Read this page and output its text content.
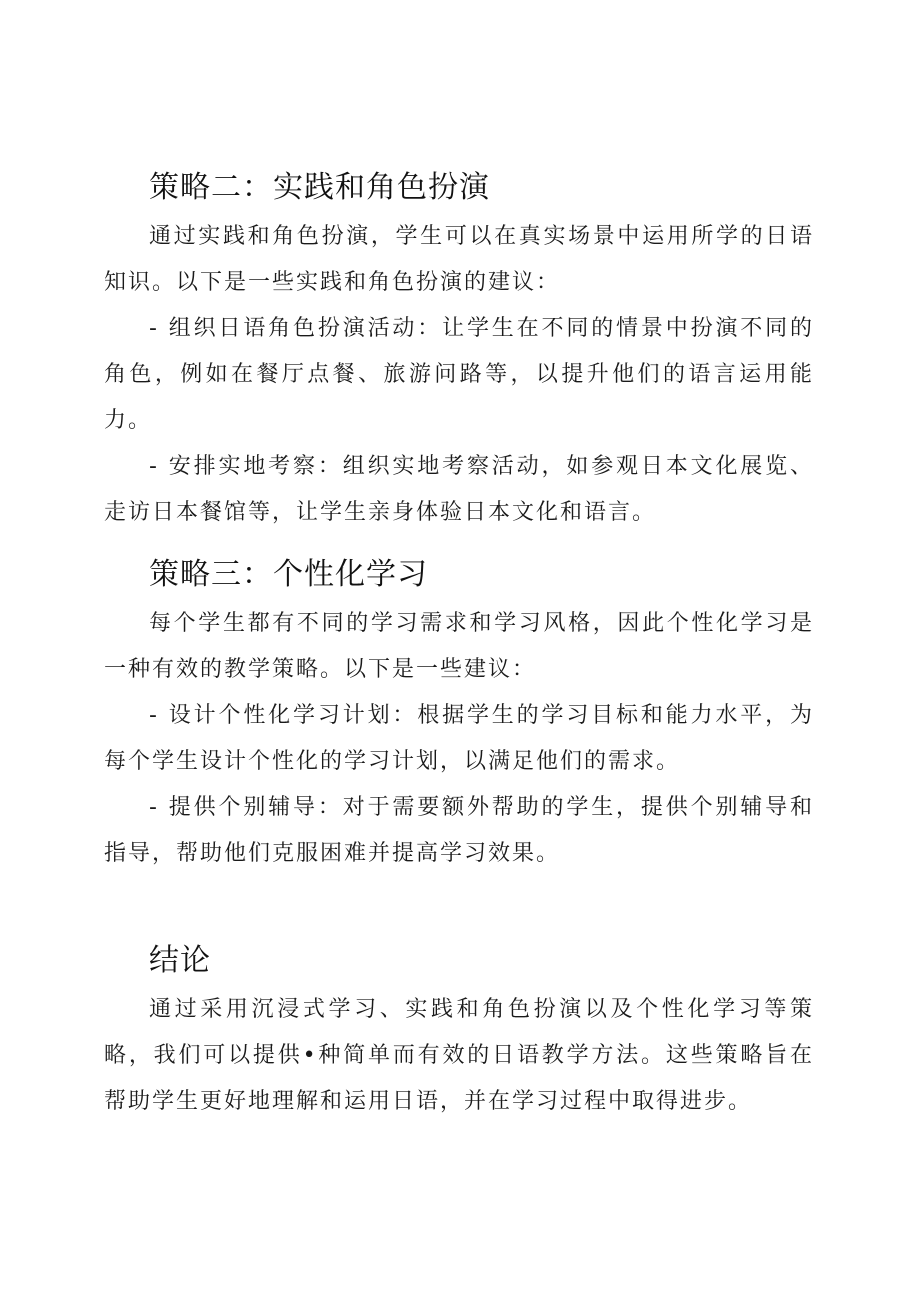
策略二：实践和角色扮演

通过实践和角色扮演，学生可以在真实场景中运用所学的日语知识。以下是一些实践和角色扮演的建议：

- 组织日语角色扮演活动：让学生在不同的情景中扮演不同的角色，例如在餐厅点餐、旅游问路等，以提升他们的语言运用能力。

- 安排实地考察：组织实地考察活动，如参观日本文化展览、走访日本餐馆等，让学生亲身体验日本文化和语言。

策略三：个性化学习

每个学生都有不同的学习需求和学习风格，因此个性化学习是一种有效的教学策略。以下是一些建议：

- 设计个性化学习计划：根据学生的学习目标和能力水平，为每个学生设计个性化的学习计划，以满足他们的需求。

- 提供个别辅导：对于需要额外帮助的学生，提供个别辅导和指导，帮助他们克服困难并提高学习效果。

结论

通过采用沉浸式学习、实践和角色扮演以及个性化学习等策略，我们可以提供•种简单而有效的日语教学方法。这些策略旨在帮助学生更好地理解和运用日语，并在学习过程中取得进步。
